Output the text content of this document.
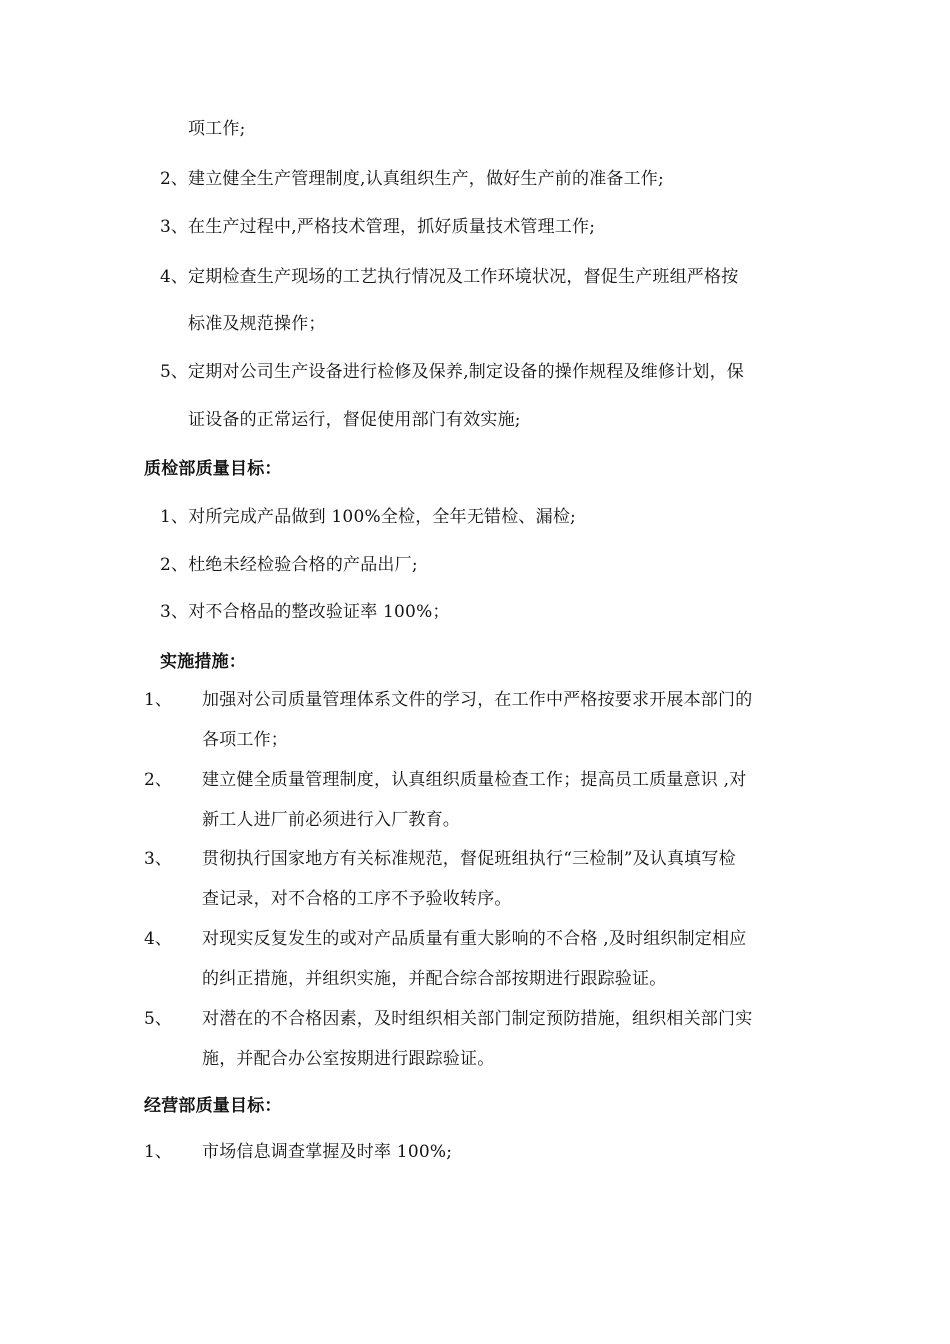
项工作;
2、 建立健全生产管理制度,认真组织生产，做好生产前的准备工作;
3、 在生产过程中,严格技术管理，抓好质量技术管理工作;
4、 定期检查生产现场的工艺执行情况及工作环境状况，督促生产班组严格按
标准及规范操作；
5、 定期对公司生产设备进行检修及保养,制定设备的操作规程及维修计划，保
证设备的正常运行，督促使用部门有效实施;
质检部质量目标：
1、对所完成产品做到 100%全检，全年无错检、漏检;
2、杜绝未经检验合格的产品出厂;
3、对不合格品的整改验证率 100%；
实施措施：
1、 加强对公司质量管理体系文件的学习，在工作中严格按要求开展本部门的
各项工作；
2、 建立健全质量管理制度，认真组织质量检查工作；提高员工质量意识 ,对
新工人进厂前必须进行入厂教育。
3、 贯彻执行国家地方有关标准规范，督促班组执行“三检制”及认真填写检
查记录，对不合格的工序不予验收转序。
4、 对现实反复发生的或对产品质量有重大影响的不合格 ,及时组织制定相应
的纠正措施，并组织实施，并配合综合部按期进行跟踪验证。
5、 对潜在的不合格因素，及时组织相关部门制定预防措施，组织相关部门实
施，并配合办公室按期进行跟踪验证。
经营部质量目标：
1、 市场信息调查掌握及时率 100%;
